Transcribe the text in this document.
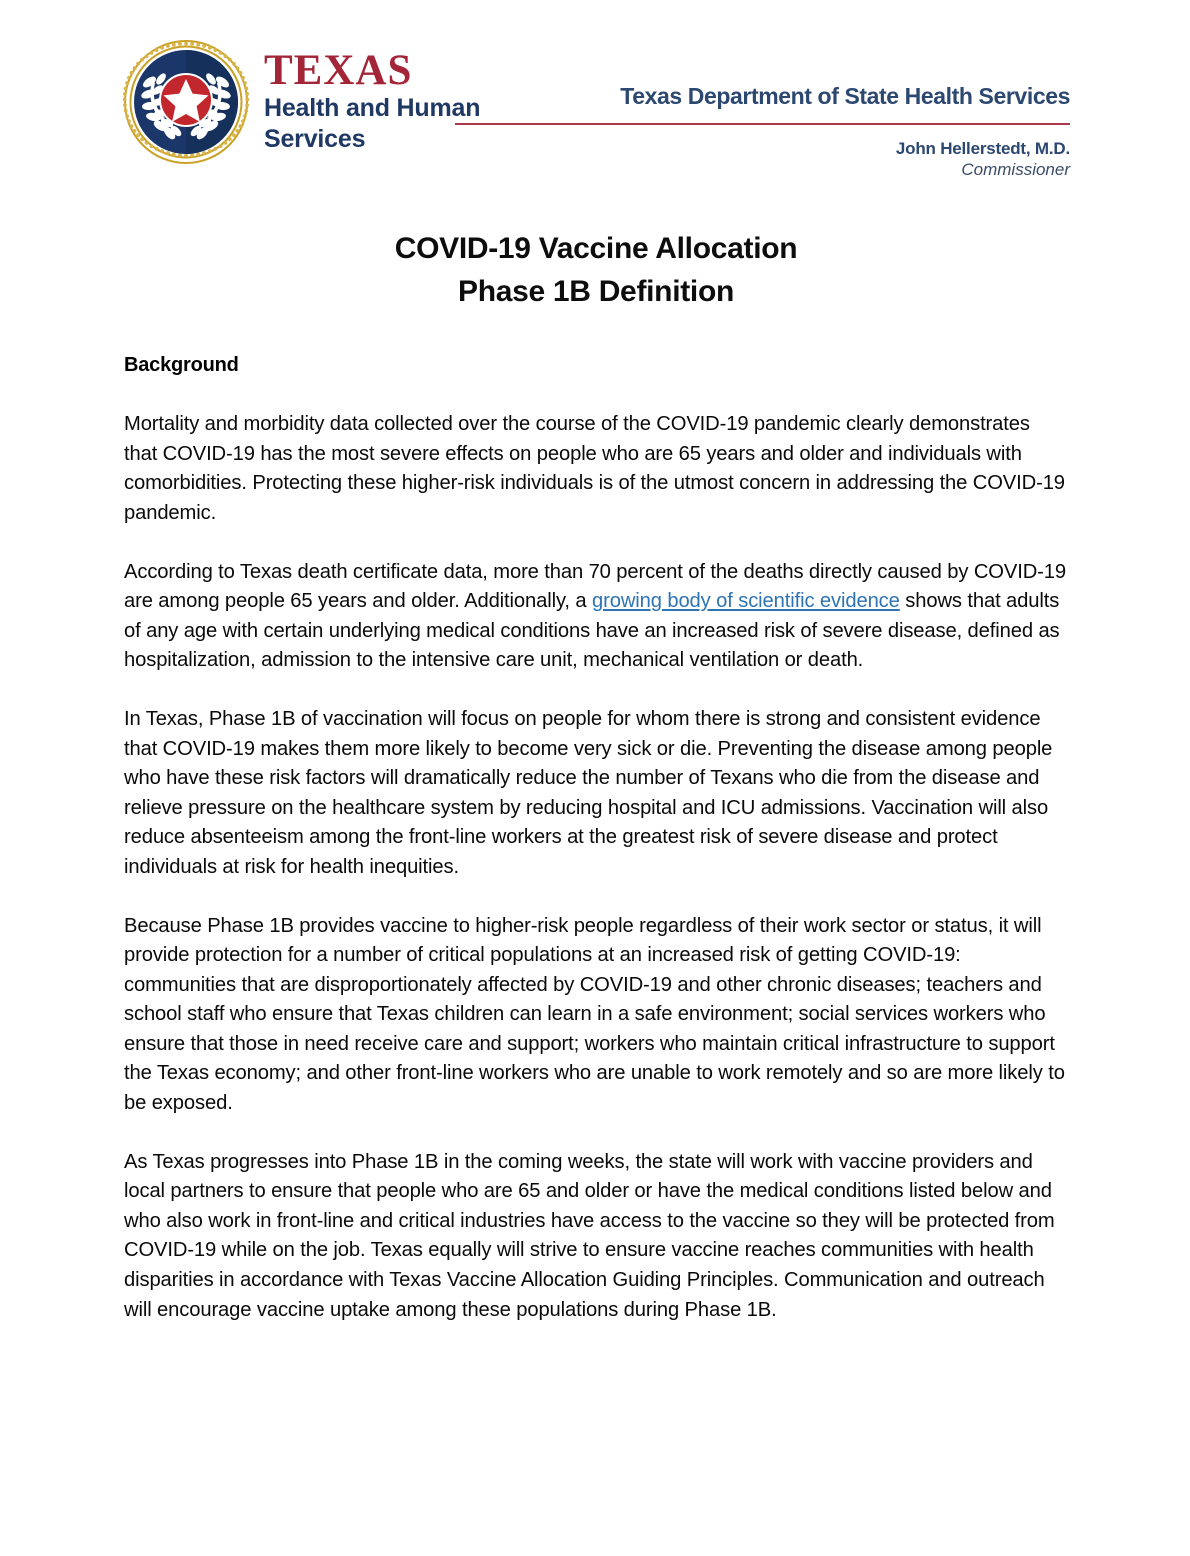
TEXAS
Health and Human
Services
Texas Department of State Health Services
John Hellerstedt, M.D.
Commissioner
COVID-19 Vaccine Allocation
Phase 1B Definition
Background

Mortality and morbidity data collected over the course of the COVID-19 pandemic clearly demonstrates that COVID-19 has the most severe effects on people who are 65 years and older and individuals with comorbidities. Protecting these higher-risk individuals is of the utmost concern in addressing the COVID-19 pandemic.

According to Texas death certificate data, more than 70 percent of the deaths directly caused by COVID-19 are among people 65 years and older. Additionally, a growing body of scientific evidence shows that adults of any age with certain underlying medical conditions have an increased risk of severe disease, defined as hospitalization, admission to the intensive care unit, mechanical ventilation or death.

In Texas, Phase 1B of vaccination will focus on people for whom there is strong and consistent evidence that COVID-19 makes them more likely to become very sick or die. Preventing the disease among people who have these risk factors will dramatically reduce the number of Texans who die from the disease and relieve pressure on the healthcare system by reducing hospital and ICU admissions. Vaccination will also reduce absenteeism among the front-line workers at the greatest risk of severe disease and protect individuals at risk for health inequities.

Because Phase 1B provides vaccine to higher-risk people regardless of their work sector or status, it will provide protection for a number of critical populations at an increased risk of getting COVID-19: communities that are disproportionately affected by COVID-19 and other chronic diseases; teachers and school staff who ensure that Texas children can learn in a safe environment; social services workers who ensure that those in need receive care and support; workers who maintain critical infrastructure to support the Texas economy; and other front-line workers who are unable to work remotely and so are more likely to be exposed.

As Texas progresses into Phase 1B in the coming weeks, the state will work with vaccine providers and local partners to ensure that people who are 65 and older or have the medical conditions listed below and who also work in front-line and critical industries have access to the vaccine so they will be protected from COVID-19 while on the job. Texas equally will strive to ensure vaccine reaches communities with health disparities in accordance with Texas Vaccine Allocation Guiding Principles. Communication and outreach will encourage vaccine uptake among these populations during Phase 1B.
